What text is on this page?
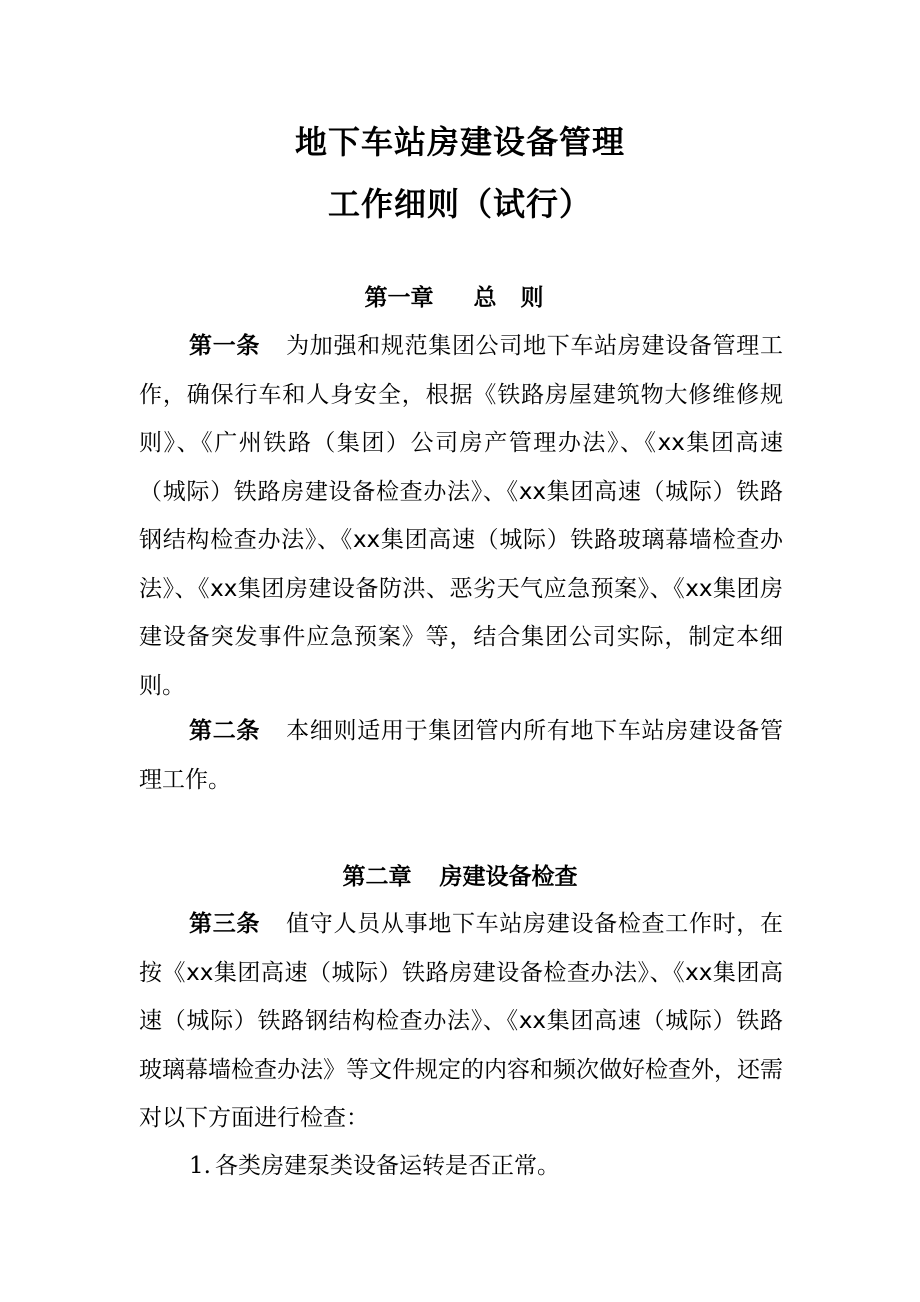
地下车站房建设备管理
工作细则（试行）
第一章 总 则
第一条 为加强和规范集团公司地下车站房建设备管理工作，确保行车和人身安全，根据《铁路房屋建筑物大修维修规则》、《广州铁路（集团）公司房产管理办法》、《xx集团高速（城际）铁路房建设备检查办法》、《xx集团高速（城际）铁路钢结构检查办法》、《xx集团高速（城际）铁路玻璃幕墙检查办法》、《xx集团房建设备防洪、恶劣天气应急预案》、《xx集团房建设备突发事件应急预案》等，结合集团公司实际，制定本细则。
第二条 本细则适用于集团管内所有地下车站房建设备管理工作。
第二章 房建设备检查
第三条 值守人员从事地下车站房建设备检查工作时，在按《xx集团高速（城际）铁路房建设备检查办法》、《xx集团高速（城际）铁路钢结构检查办法》、《xx集团高速（城际）铁路玻璃幕墙检查办法》等文件规定的内容和频次做好检查外，还需对以下方面进行检查：
1. 各类房建泵类设备运转是否正常。
